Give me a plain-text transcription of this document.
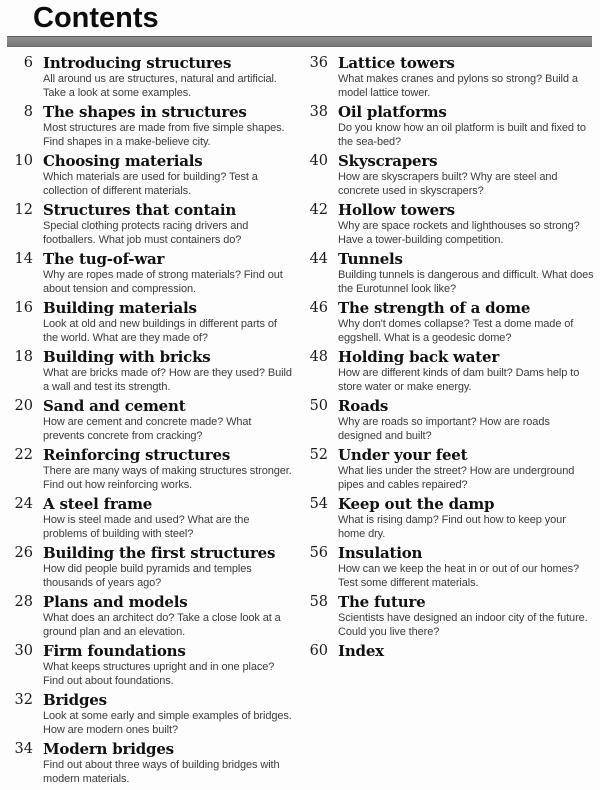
Contents
6 Introducing structures
All around us are structures, natural and artificial. Take a look at some examples.
8 The shapes in structures
Most structures are made from five simple shapes. Find shapes in a make-believe city.
10 Choosing materials
Which materials are used for building? Test a collection of different materials.
12 Structures that contain
Special clothing protects racing drivers and footballers. What job must containers do?
14 The tug-of-war
Why are ropes made of strong materials? Find out about tension and compression.
16 Building materials
Look at old and new buildings in different parts of the world. What are they made of?
18 Building with bricks
What are bricks made of? How are they used? Build a wall and test its strength.
20 Sand and cement
How are cement and concrete made? What prevents concrete from cracking?
22 Reinforcing structures
There are many ways of making structures stronger. Find out how reinforcing works.
24 A steel frame
How is steel made and used? What are the problems of building with steel?
26 Building the first structures
How did people build pyramids and temples thousands of years ago?
28 Plans and models
What does an architect do? Take a close look at a ground plan and an elevation.
30 Firm foundations
What keeps structures upright and in one place? Find out about foundations.
32 Bridges
Look at some early and simple examples of bridges. How are modern ones built?
34 Modern bridges
Find out about three ways of building bridges with modern materials.
36 Lattice towers
What makes cranes and pylons so strong? Build a model lattice tower.
38 Oil platforms
Do you know how an oil platform is built and fixed to the sea-bed?
40 Skyscrapers
How are skyscrapers built? Why are steel and concrete used in skyscrapers?
42 Hollow towers
Why are space rockets and lighthouses so strong? Have a tower-building competition.
44 Tunnels
Building tunnels is dangerous and difficult. What does the Eurotunnel look like?
46 The strength of a dome
Why don't domes collapse? Test a dome made of eggshell. What is a geodesic dome?
48 Holding back water
How are different kinds of dam built? Dams help to store water or make energy.
50 Roads
Why are roads so important? How are roads designed and built?
52 Under your feet
What lies under the street? How are underground pipes and cables repaired?
54 Keep out the damp
What is rising damp? Find out how to keep your home dry.
56 Insulation
How can we keep the heat in or out of our homes? Test some different materials.
58 The future
Scientists have designed an indoor city of the future. Could you live there?
60 Index
